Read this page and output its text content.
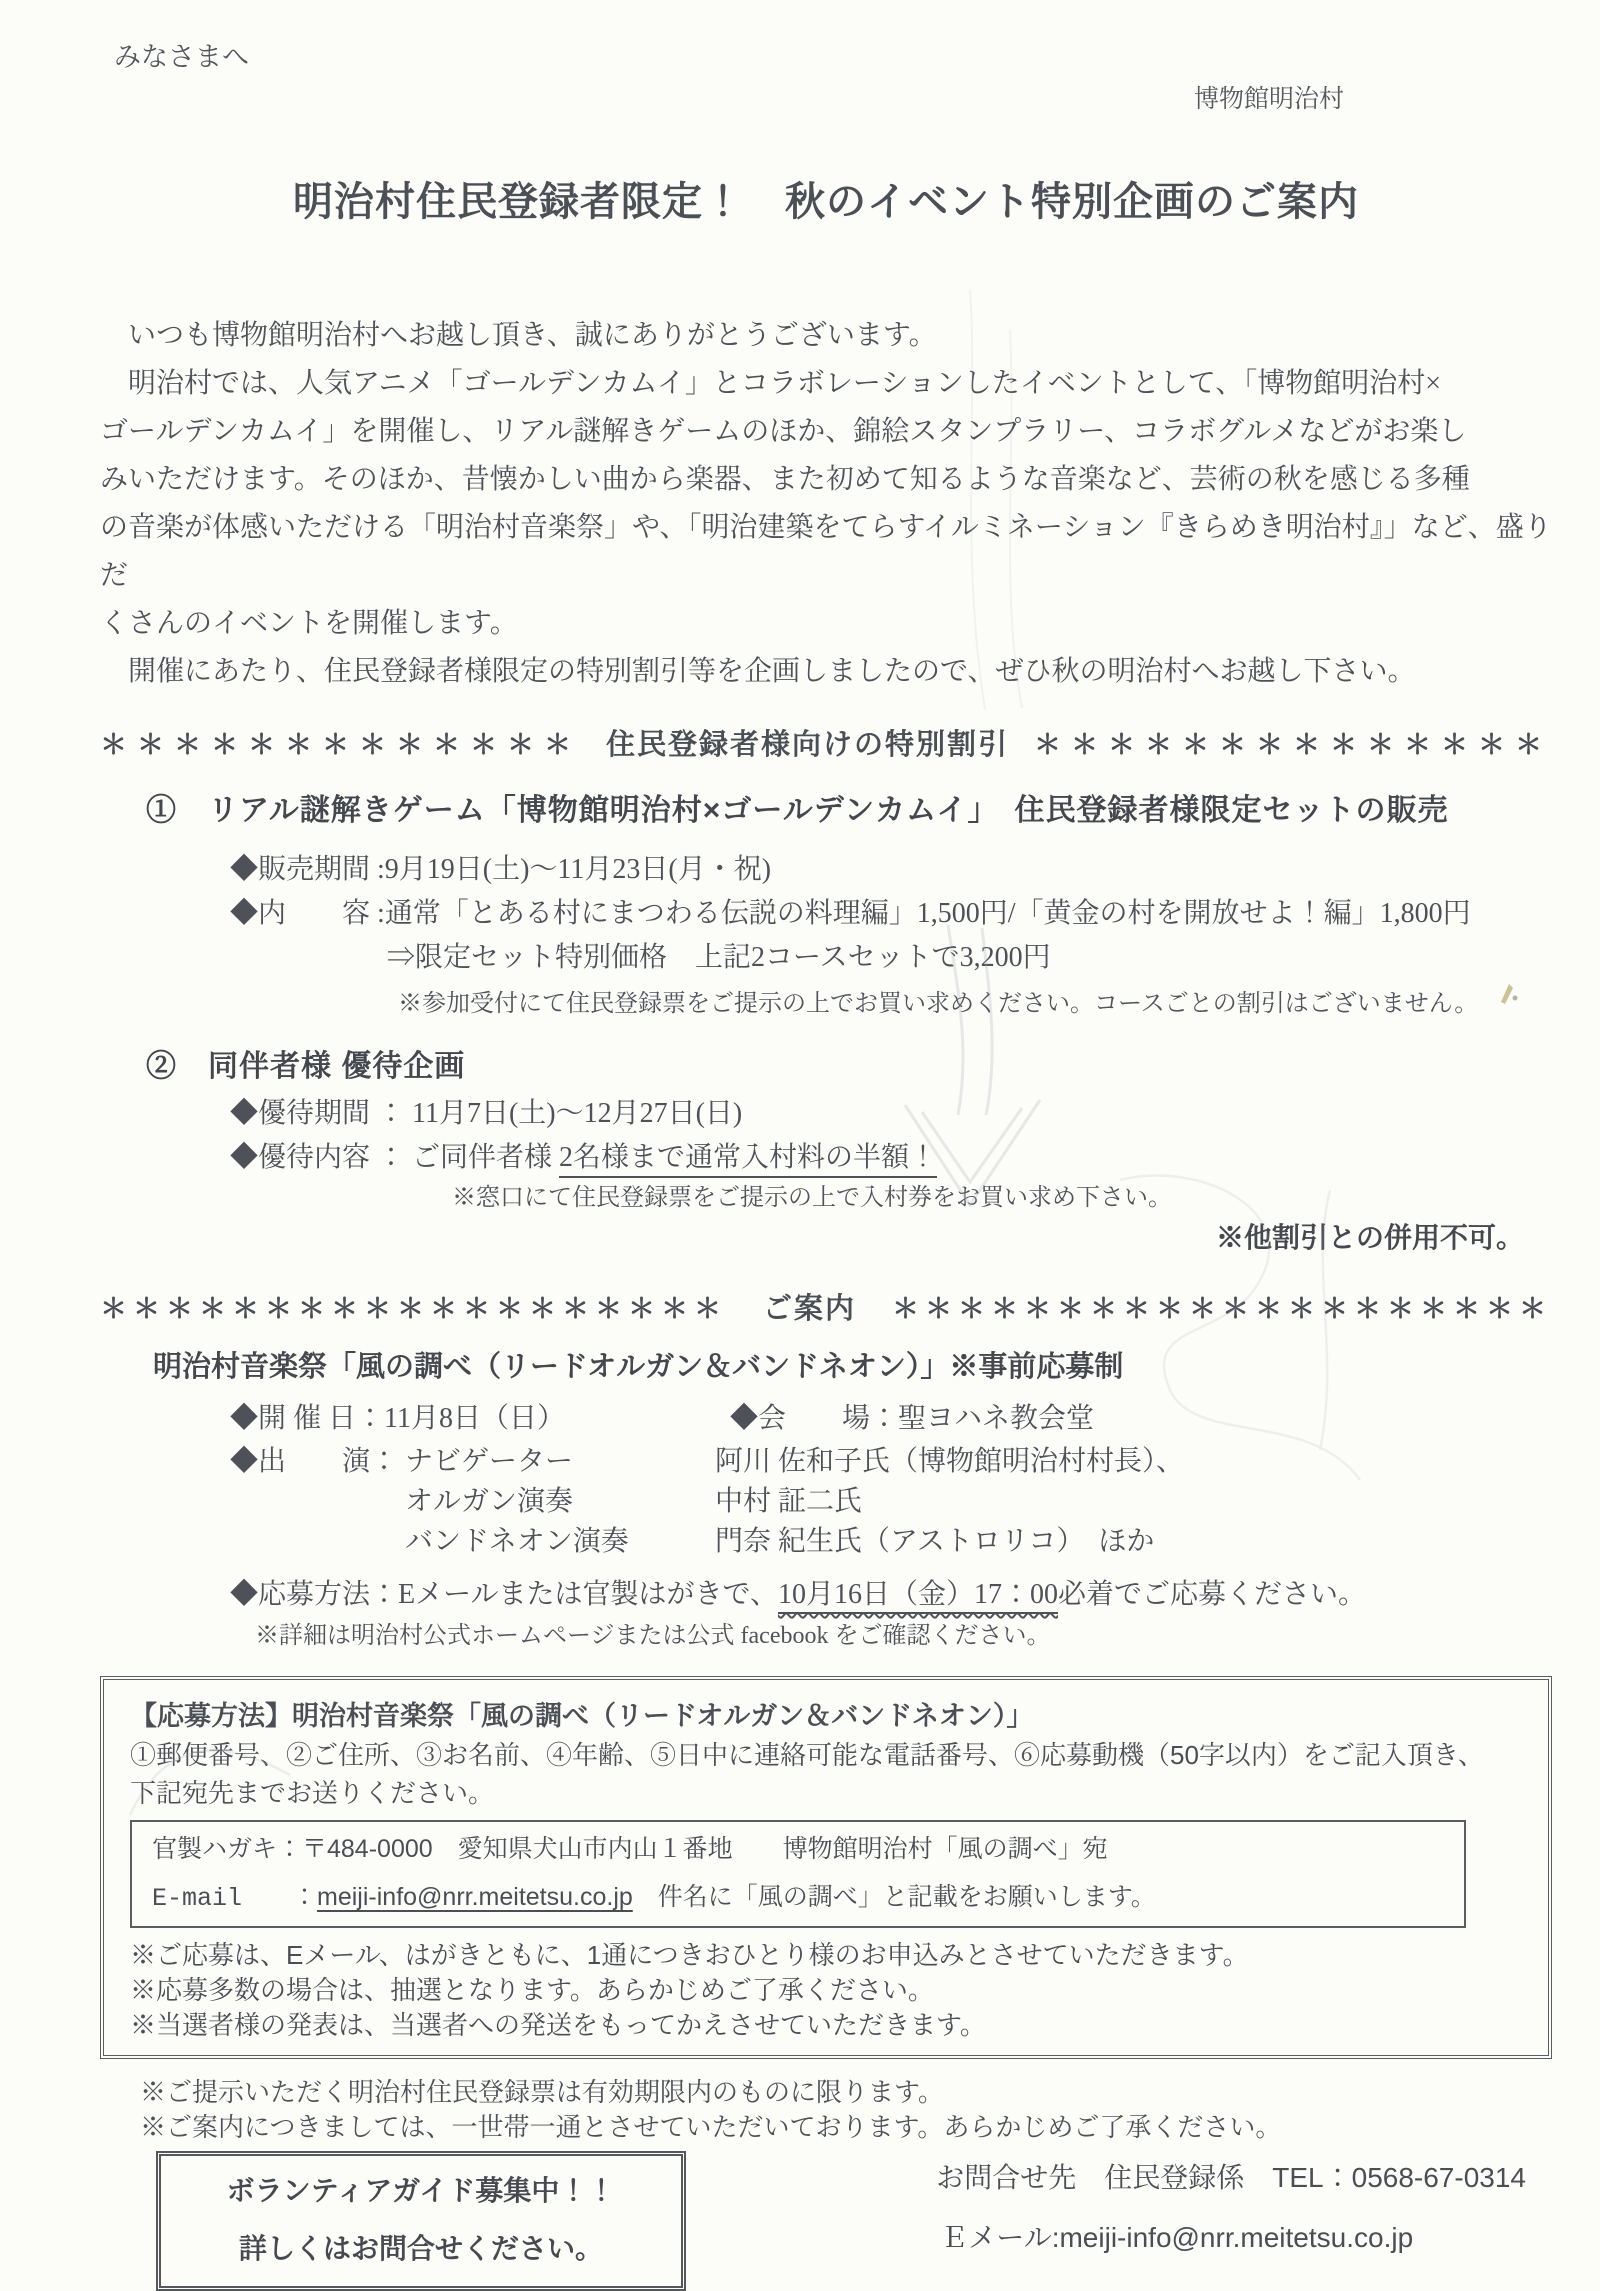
みなさまへ
博物館明治村
明治村住民登録者限定！　秋のイベント特別企画のご案内
　いつも博物館明治村へお越し頂き、誠にありがとうございます。
　明治村では、人気アニメ「ゴールデンカムイ」とコラボレーションしたイベントとして、「博物館明治村×
ゴールデンカムイ」を開催し、リアル謎解きゲームのほか、錦絵スタンプラリー、コラボグルメなどがお楽し
みいただけます。そのほか、昔懐かしい曲から楽器、また初めて知るような音楽など、芸術の秋を感じる多種
の音楽が体感いただける「明治村音楽祭」や、「明治建築をてらすイルミネーション『きらめき明治村』」など、盛りだ
くさんのイベントを開催します。
　開催にあたり、住民登録者様限定の特別割引等を企画しましたので、ぜひ秋の明治村へお越し下さい。
＊＊＊＊＊＊＊＊＊＊＊＊＊ 住民登録者様向けの特別割引 ＊＊＊＊＊＊＊＊＊＊＊＊＊＊
①　リアル謎解きゲーム「博物館明治村×ゴールデンカムイ」　住民登録者様限定セットの販売
◆販売期間 :9月19日(土)～11月23日(月・祝)
◆内　　容 :通常「とある村にまつわる伝説の料理編」1,500円/「黄金の村を開放せよ！編」1,800円
⇒限定セット特別価格　上記2コースセットで3,200円
※参加受付にて住民登録票をご提示の上でお買い求めください。コースごとの割引はございません。
②　同伴者様 優待企画
◆優待期間 ： 11月7日(土)～12月27日(日)
◆優待内容 ： ご同伴者様 2名様まで通常入村料の半額！
※窓口にて住民登録票をご提示の上で入村券をお買い求め下さい。
※他割引との併用不可。
＊＊＊＊＊＊＊＊＊＊＊＊＊＊＊＊＊＊＊ ご案内 ＊＊＊＊＊＊＊＊＊＊＊＊＊＊＊＊＊＊＊＊
明治村音楽祭「風の調べ（リードオルガン＆バンドネオン）」※事前応募制
◆開 催 日：11月8日（日）	◆会　　場：聖ヨハネ教会堂
◆出　　演： ナビゲーター	阿川 佐和子氏（博物館明治村村長）、
オルガン演奏	中村 証二氏
バンドネオン演奏	門奈 紀生氏（アストロリコ）　ほか
◆応募方法：Eメールまたは官製はがきで、10月16日（金）17：00必着でご応募ください。
※詳細は明治村公式ホームページまたは公式 facebook をご確認ください。
【応募方法】明治村音楽祭「風の調べ（リードオルガン＆バンドネオン）」
①郵便番号、②ご住所、③お名前、④年齢、⑤日中に連絡可能な電話番号、⑥応募動機（50字以内）をご記入頂き、
下記宛先までお送りください。
官製ハガキ：〒484-0000　愛知県犬山市内山１番地　　博物館明治村「風の調べ」宛
E-mail　　：meiji-info@nrr.meitetsu.co.jp　件名に「風の調べ」と記載をお願いします。
※ご応募は、Eメール、はがきともに、1通につきおひとり様のお申込みとさせていただきます。
※応募多数の場合は、抽選となります。あらかじめご了承ください。
※当選者様の発表は、当選者への発送をもってかえさせていただきます。
※ご提示いただく明治村住民登録票は有効期限内のものに限ります。
※ご案内につきましては、一世帯一通とさせていただいております。あらかじめご了承ください。
ボランティアガイド募集中！！
詳しくはお問合せください。
お問合せ先　住民登録係　TEL：0568-67-0314
Ｅメール:meiji-info@nrr.meitetsu.co.jp
